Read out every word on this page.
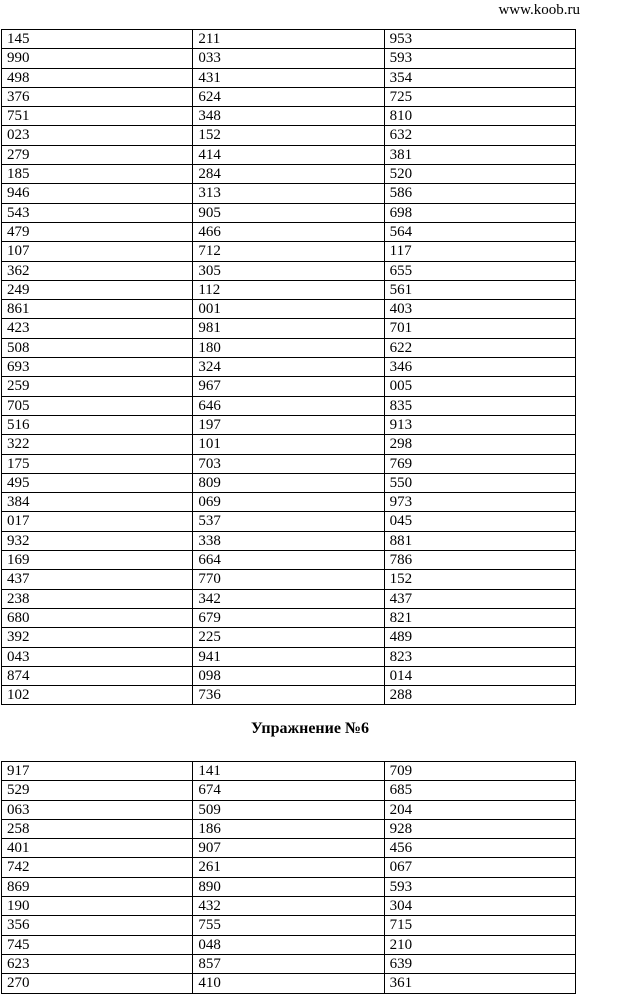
www.koob.ru
145	211	953
990	033	593
498	431	354
376	624	725
751	348	810
023	152	632
279	414	381
185	284	520
946	313	586
543	905	698
479	466	564
107	712	117
362	305	655
249	112	561
861	001	403
423	981	701
508	180	622
693	324	346
259	967	005
705	646	835
516	197	913
322	101	298
175	703	769
495	809	550
384	069	973
017	537	045
932	338	881
169	664	786
437	770	152
238	342	437
680	679	821
392	225	489
043	941	823
874	098	014
102	736	288
Упражнение №6
917	141	709
529	674	685
063	509	204
258	186	928
401	907	456
742	261	067
869	890	593
190	432	304
356	755	715
745	048	210
623	857	639
270	410	361
